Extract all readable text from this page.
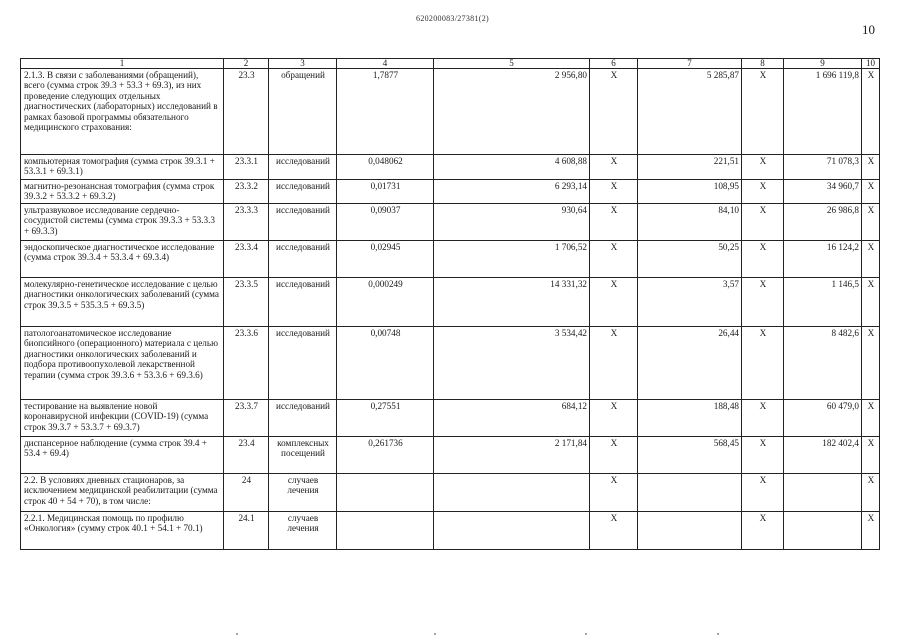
620200083/27381(2)
10
1	2	3	4	5	6	7	8	9	10
2.1.3. В связи с заболеваниями (обращений), всего (сумма строк 39.3 + 53.3 + 69.3), из них проведение следующих отдельных диагностических (лабораторных) исследований в рамках базовой программы обязательного медицинского страхования:	23.3	обращений	1,7877	2 956,80	X	5 285,87	X	1 696 119,8	X
компьютерная томография (сумма строк 39.3.1 + 53.3.1 + 69.3.1)	23.3.1	исследований	0,048062	4 608,88	X	221,51	X	71 078,3	X
магнитно-резонансная томография (сумма строк 39.3.2 + 53.3.2 + 69.3.2)	23.3.2	исследований	0,01731	6 293,14	X	108,95	X	34 960,7	X
ультразвуковое исследование сердечно-сосудистой системы (сумма строк 39.3.3 + 53.3.3 + 69.3.3)	23.3.3	исследований	0,09037	930,64	X	84,10	X	26 986,8	X
эндоскопическое диагностическое исследование (сумма строк 39.3.4 + 53.3.4 + 69.3.4)	23.3.4	исследований	0,02945	1 706,52	X	50,25	X	16 124,2	X
молекулярно-генетическое исследование с целью диагностики онкологических заболеваний (сумма строк 39.3.5 + 535.3.5 + 69.3.5)	23.3.5	исследований	0,000249	14 331,32	X	3,57	X	1 146,5	X
патологоанатомическое исследование биопсийного (операционного) материала с целью диагностики онкологических заболеваний и подбора противоопухолевой лекарственной терапии (сумма строк 39.3.6 + 53.3.6 + 69.3.6)	23.3.6	исследований	0,00748	3 534,42	X	26,44	X	8 482,6	X
тестирование на выявление новой коронавирусной инфекции (COVID-19) (сумма строк 39.3.7 + 53.3.7 + 69.3.7)	23.3.7	исследований	0,27551	684,12	X	188,48	X	60 479,0	X
диспансерное наблюдение (сумма строк 39.4 + 53.4 + 69.4)	23.4	комплексных посещений	0,261736	2 171,84	X	568,45	X	182 402,4	X
2.2. В условиях дневных стационаров, за исключением медицинской реабилитации (сумма строк 40 + 54 + 70), в том числе:	24	случаев лечения			X		X		X
2.2.1. Медицинская помощь по профилю «Онкология» (сумму строк 40.1 + 54.1 + 70.1)	24.1	случаев лечения			X		X		X
